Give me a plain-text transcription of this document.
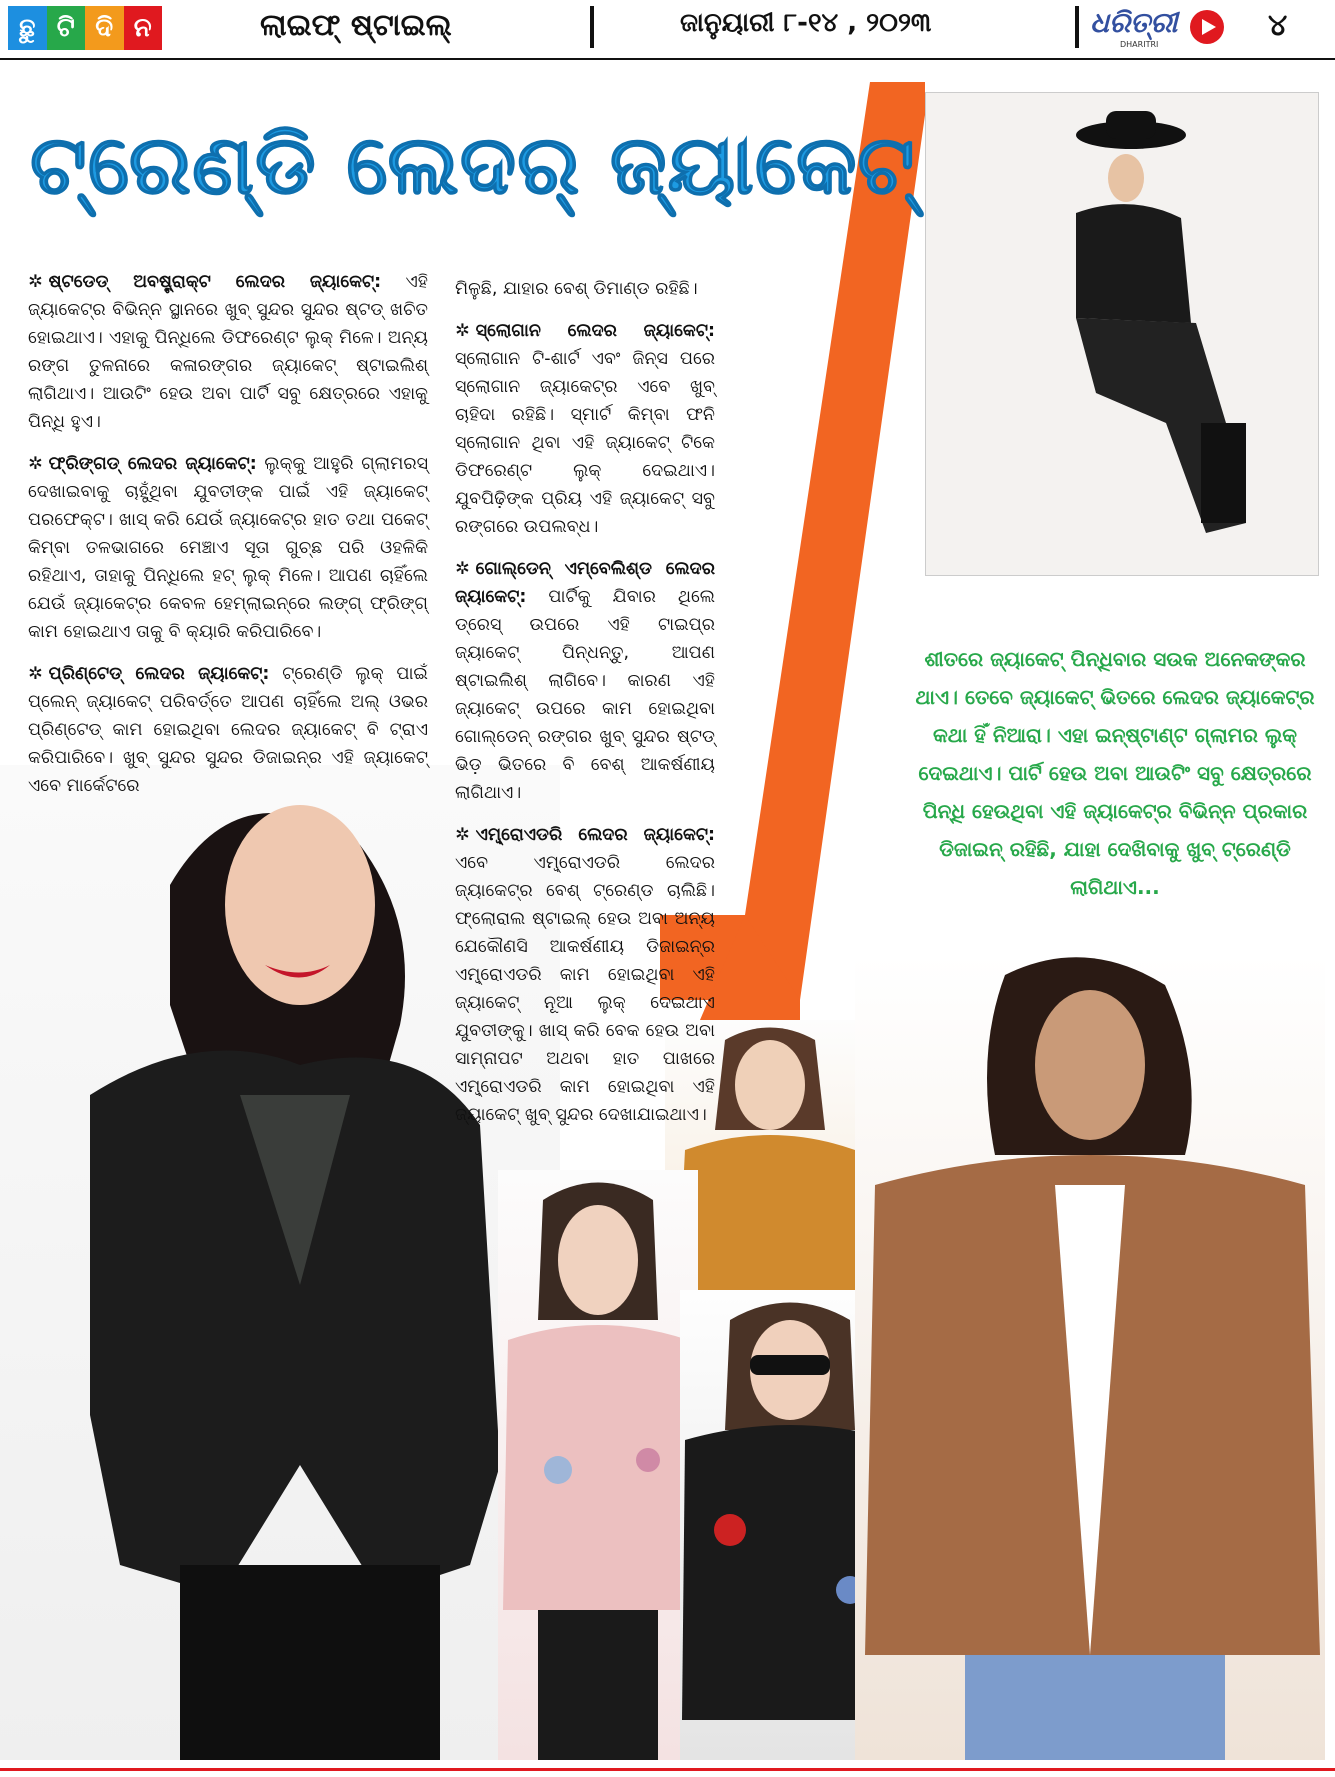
ଛୁ ଟି ଦି ନ	ଲାଇଫ୍ ଷ୍ଟାଇଲ୍	ଜାନୁୟାରୀ ୮-୧୪ , ୨୦୨୩	ଧରିତ୍ରୀ
DHARITRI
୪
ଟ୍ରେଣ୍ଡି ଲେଦର୍ ଜ୍ୟାକେଟ୍

✲ ଷ୍ଟଡେଡ୍ ଅବଷ୍ଟ୍ରାକ୍ଟ ଲେଦର ଜ୍ୟାକେଟ୍: ଏହି ଜ୍ୟାକେଟ୍ର ବିଭିନ୍ନ ସ୍ଥାନରେ ଖୁବ୍ ସୁନ୍ଦର ସୁନ୍ଦର ଷ୍ଟଡ୍ ଖଚିତ ହୋଇଥାଏ। ଏହାକୁ ପିନ୍ଧିଲେ ଡିଫରେଣ୍ଟ ଲୁକ୍ ମିଳେ। ଅନ୍ୟ ରଙ୍ଗ ତୁଳନାରେ କଳାରଙ୍ଗର ଜ୍ୟାକେଟ୍ ଷ୍ଟାଇଲିଶ୍ ଲାଗିଥାଏ। ଆଉଟିଂ ହେଉ ଅବା ପାର୍ଟି ସବୁ କ୍ଷେତ୍ରରେ ଏହାକୁ ପିନ୍ଧି ହୁଏ।

✲ ଫ୍ରିଙ୍ଗଡ୍ ଲେଦର ଜ୍ୟାକେଟ୍: ଲୁକ୍କୁ ଆହୁରି ଗ୍ଲାମରସ୍ ଦେଖାଇବାକୁ ଚାହୁଁଥିବା ଯୁବତୀଙ୍କ ପାଇଁ ଏହି ଜ୍ୟାକେଟ୍ ପରଫେକ୍ଟ। ଖାସ୍ କରି ଯେଉଁ ଜ୍ୟାକେଟ୍ର ହାତ ତଥା ପକେଟ୍ କିମ୍ବା ତଳଭାଗରେ ମେଞ୍ଚାଏ ସୂତା ଗୁଚ୍ଛ ପରି ଓହଳିକି ରହିଥାଏ, ତାହାକୁ ପିନ୍ଧିଲେ ହଟ୍ ଲୁକ୍ ମିଳେ। ଆପଣ ଚାହିଁଲେ ଯେଉଁ ଜ୍ୟାକେଟ୍ର କେବଳ ହେମ୍ଲାଇନ୍ରେ ଲଙ୍ଗ୍ ଫ୍ରିଙ୍ଗ୍ କାମ ହୋଇଥାଏ ତାକୁ ବି କ୍ୟାରି କରିପାରିବେ।

✲ ପ୍ରିଣ୍ଟେଡ୍ ଲେଦର ଜ୍ୟାକେଟ୍: ଟ୍ରେଣ୍ଡି ଲୁକ୍ ପାଇଁ ପ୍ଲେନ୍ ଜ୍ୟାକେଟ୍ ପରିବର୍ତ୍ତେ ଆପଣ ଚାହିଁଲେ ଅଲ୍ ଓଭର ପ୍ରିଣ୍ଟେଡ୍ କାମ ହୋଇଥିବା ଲେଦର ଜ୍ୟାକେଟ୍ ବି ଟ୍ରାଏ କରିପାରିବେ। ଖୁବ୍ ସୁନ୍ଦର ସୁନ୍ଦର ଡିଜାଇନ୍ର ଏହି ଜ୍ୟାକେଟ୍ ଏବେ ମାର୍କେଟରେ

ମିଳୁଛି, ଯାହାର ବେଶ୍ ଡିମାଣ୍ଡ ରହିଛି।

✲ ସ୍ଲୋଗାନ ଲେଦର ଜ୍ୟାକେଟ୍: ସ୍ଲୋଗାନ ଟି-ଶାର୍ଟ ଏବଂ ଜିନ୍ସ ପରେ ସ୍ଲୋଗାନ ଜ୍ୟାକେଟ୍ର ଏବେ ଖୁବ୍ ଚାହିଦା ରହିଛି। ସ୍ମାର୍ଟ କିମ୍ବା ଫନି ସ୍ଲୋଗାନ ଥିବା ଏହି ଜ୍ୟାକେଟ୍ ଟିକେ ଡିଫରେଣ୍ଟ ଲୁକ୍ ଦେଇଥାଏ। ଯୁବପିଢ଼ିଙ୍କ ପ୍ରିୟ ଏହି ଜ୍ୟାକେଟ୍ ସବୁ ରଙ୍ଗରେ ଉପଲବ୍ଧ।

✲ ଗୋଲ୍ଡେନ୍ ଏମ୍ବେଲିଶ୍ଡ ଲେଦର ଜ୍ୟାକେଟ୍: ପାର୍ଟିକୁ ଯିବାର ଥିଲେ ଡ୍ରେସ୍ ଉପରେ ଏହି ଟାଇପ୍ର ଜ୍ୟାକେଟ୍ ପିନ୍ଧନ୍ତୁ, ଆପଣ ଷ୍ଟାଇଲିଶ୍ ଲାଗିବେ। କାରଣ ଏହି ଜ୍ୟାକେଟ୍ ଉପରେ କାମ ହୋଇଥିବା ଗୋଲ୍ଡେନ୍ ରଙ୍ଗର ଖୁବ୍ ସୁନ୍ଦର ଷ୍ଟଡ୍ ଭିଡ଼ ଭିତରେ ବି ବେଶ୍ ଆକର୍ଷଣୀୟ ଲାଗିଥାଏ।

✲ ଏମ୍ବ୍ରୋଏଡରି ଲେଦର ଜ୍ୟାକେଟ୍: ଏବେ ଏମ୍ବ୍ରୋଏଡରି ଲେଦର ଜ୍ୟାକେଟ୍ର ବେଶ୍ ଟ୍ରେଣ୍ଡ ଚାଲିଛି। ଫ୍ଲୋରାଲ ଷ୍ଟାଇଲ୍ ହେଉ ଅବା ଅନ୍ୟ ଯେକୌଣସି ଆକର୍ଷଣୀୟ ଡିଜାଇନ୍ର ଏମ୍ବ୍ରୋଏଡରି କାମ ହୋଇଥିବା ଏହି ଜ୍ୟାକେଟ୍ ନୂଆ ଲୁକ୍ ଦେଇଥାଏ ଯୁବତୀଙ୍କୁ। ଖାସ୍ କରି ବେକ ହେଉ ଅବା ସାମ୍ନାପଟ ଅଥବା ହାତ ପାଖରେ ଏମ୍ବ୍ରୋଏଡରି କାମ ହୋଇଥିବା ଏହି ଜ୍ୟାକେଟ୍ ଖୁବ୍ ସୁନ୍ଦର ଦେଖାଯାଇଥାଏ।

ଶୀତରେ ଜ୍ୟାକେଟ୍ ପିନ୍ଧିବାର ସଉକ ଅନେକଙ୍କର ଥାଏ। ତେବେ ଜ୍ୟାକେଟ୍ ଭିତରେ ଲେଦର ଜ୍ୟାକେଟ୍ର କଥା ହିଁ ନିଆରା। ଏହା ଇନ୍ଷ୍ଟାଣ୍ଟ ଗ୍ଲାମର ଲୁକ୍ ଦେଇଥାଏ। ପାର୍ଟି ହେଉ ଅବା ଆଉଟିଂ ସବୁ କ୍ଷେତ୍ରରେ ପିନ୍ଧି ହେଉଥିବା ଏହି ଜ୍ୟାକେଟ୍ର ବିଭିନ୍ନ ପ୍ରକାର ଡିଜାଇନ୍ ରହିଛି, ଯାହା ଦେଖିବାକୁ ଖୁବ୍ ଟ୍ରେଣ୍ଡି ଲାଗିଥାଏ...
